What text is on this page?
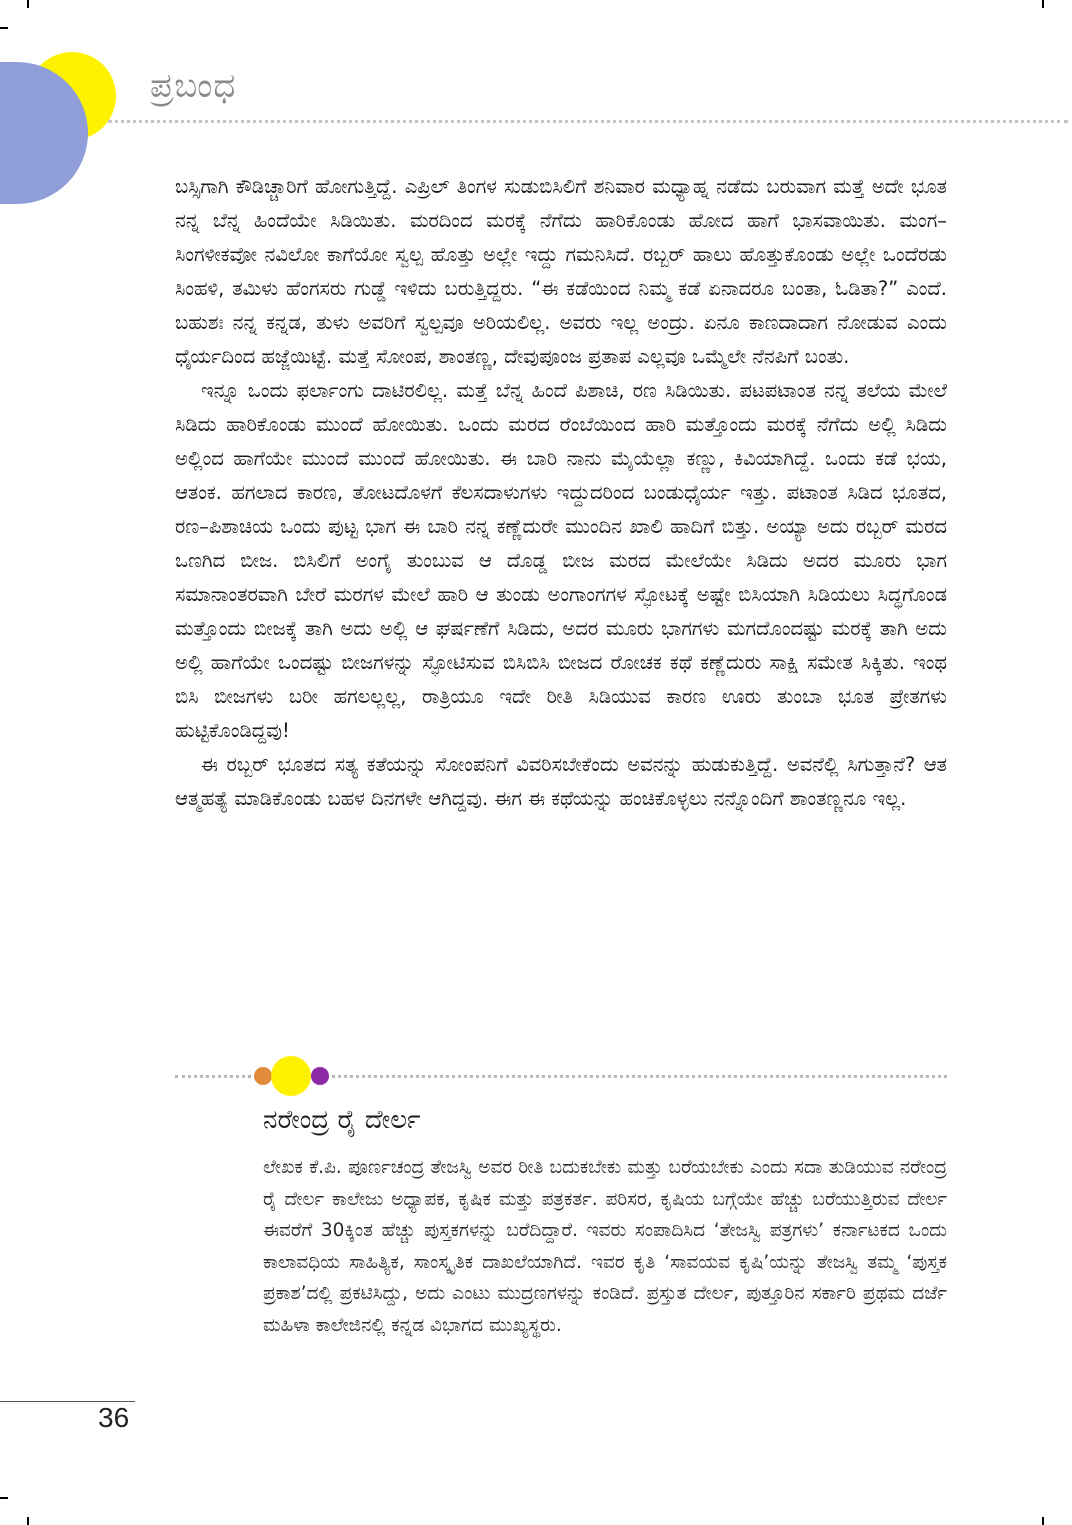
ಪ್ರಬಂಧ

ಬಸ್ಸಿಗಾಗಿ ಕೌಡಿಚ್ಚಾರಿಗೆ ಹೋಗುತ್ತಿದ್ದೆ. ಎಪ್ರಿಲ್ ತಿಂಗಳ ಸುಡುಬಿಸಿಲಿಗೆ ಶನಿವಾರ ಮಧ್ಯಾಹ್ನ ನಡೆದು ಬರುವಾಗ ಮತ್ತೆ ಅದೇ ಭೂತ ನನ್ನ ಬೆನ್ನ ಹಿಂದೆಯೇ ಸಿಡಿಯಿತು. ಮರದಿಂದ ಮರಕ್ಕೆ ನೆಗೆದು ಹಾರಿಕೊಂಡು ಹೋದ ಹಾಗೆ ಭಾಸವಾಯಿತು. ಮಂಗ–ಸಿಂಗಳೀಕವೋ ನವಿಲೋ ಕಾಗೆಯೋ ಸ್ವಲ್ಪ ಹೊತ್ತು ಅಲ್ಲೇ ಇದ್ದು ಗಮನಿಸಿದೆ. ರಬ್ಬರ್ ಹಾಲು ಹೊತ್ತುಕೊಂಡು ಅಲ್ಲೇ ಒಂದೆರಡು ಸಿಂಹಳಿ, ತಮಿಳು ಹೆಂಗಸರು ಗುಡ್ಡೆ ಇಳಿದು ಬರುತ್ತಿದ್ದರು. “ಈ ಕಡೆಯಿಂದ ನಿಮ್ಮ ಕಡೆ ಏನಾದರೂ ಬಂತಾ, ಓಡಿತಾ?” ಎಂದೆ. ಬಹುಶಃ ನನ್ನ ಕನ್ನಡ, ತುಳು ಅವರಿಗೆ ಸ್ವಲ್ಪವೂ ಅರಿಯಲಿಲ್ಲ. ಅವರು ಇಲ್ಲ ಅಂದ್ರು. ಏನೂ ಕಾಣದಾದಾಗ ನೋಡುವ ಎಂದು ಧೈರ್ಯದಿಂದ ಹಜ್ಜೆಯಿಟ್ಟೆ. ಮತ್ತೆ ಸೋಂಪ, ಶಾಂತಣ್ಣ, ದೇವುಪೂಂಜ ಪ್ರತಾಪ ಎಲ್ಲವೂ ಒಮ್ಮೆಲೇ ನೆನಪಿಗೆ ಬಂತು.

ಇನ್ನೂ ಒಂದು ಫರ್ಲಾಂಗು ದಾಟಿರಲಿಲ್ಲ. ಮತ್ತೆ ಬೆನ್ನ ಹಿಂದೆ ಪಿಶಾಚಿ, ರಣ ಸಿಡಿಯಿತು. ಪಟಪಟಾಂತ ನನ್ನ ತಲೆಯ ಮೇಲೆ ಸಿಡಿದು ಹಾರಿಕೊಂಡು ಮುಂದೆ ಹೋಯಿತು. ಒಂದು ಮರದ ರೆಂಬೆಯಿಂದ ಹಾರಿ ಮತ್ತೊಂದು ಮರಕ್ಕೆ ನೆಗೆದು ಅಲ್ಲಿ ಸಿಡಿದು ಅಲ್ಲಿಂದ ಹಾಗೆಯೇ ಮುಂದೆ ಮುಂದೆ ಹೋಯಿತು. ಈ ಬಾರಿ ನಾನು ಮೈಯೆಲ್ಲಾ ಕಣ್ಣು, ಕಿವಿಯಾಗಿದ್ದೆ. ಒಂದು ಕಡೆ ಭಯ, ಆತಂಕ. ಹಗಲಾದ ಕಾರಣ, ತೋಟದೊಳಗೆ ಕೆಲಸದಾಳುಗಳು ಇದ್ದುದರಿಂದ ಬಂಡುಧೈರ್ಯ ಇತ್ತು. ಪಟಾಂತ ಸಿಡಿದ ಭೂತದ, ರಣ–ಪಿಶಾಚಿಯ ಒಂದು ಪುಟ್ಟ ಭಾಗ ಈ ಬಾರಿ ನನ್ನ ಕಣ್ಣೆದುರೇ ಮುಂದಿನ ಖಾಲಿ ಹಾದಿಗೆ ಬಿತ್ತು. ಅಯ್ಯಾ ಅದು ರಬ್ಬರ್ ಮರದ ಒಣಗಿದ ಬೀಜ. ಬಿಸಿಲಿಗೆ ಅಂಗೈ ತುಂಬುವ ಆ ದೊಡ್ಡ ಬೀಜ ಮರದ ಮೇಲೆಯೇ ಸಿಡಿದು ಅದರ ಮೂರು ಭಾಗ ಸಮಾನಾಂತರವಾಗಿ ಬೇರೆ ಮರಗಳ ಮೇಲೆ ಹಾರಿ ಆ ತುಂಡು ಅಂಗಾಂಗಗಳ ಸ್ಫೋಟಕ್ಕೆ ಅಷ್ಟೇ ಬಿಸಿಯಾಗಿ ಸಿಡಿಯಲು ಸಿದ್ಧಗೊಂಡ ಮತ್ತೊಂದು ಬೀಜಕ್ಕೆ ತಾಗಿ ಅದು ಅಲ್ಲಿ ಆ ಘರ್ಷಣೆಗೆ ಸಿಡಿದು, ಅದರ ಮೂರು ಭಾಗಗಳು ಮಗದೊಂದಷ್ಟು ಮರಕ್ಕೆ ತಾಗಿ ಅದು ಅಲ್ಲಿ ಹಾಗೆಯೇ ಒಂದಷ್ಟು ಬೀಜಗಳನ್ನು ಸ್ಫೋಟಿಸುವ ಬಿಸಿಬಿಸಿ ಬೀಜದ ರೋಚಕ ಕಥೆ ಕಣ್ಣೆದುರು ಸಾಕ್ಷಿ ಸಮೇತ ಸಿಕ್ಕಿತು. ಇಂಥ ಬಿಸಿ ಬೀಜಗಳು ಬರೀ ಹಗಲಲ್ಲಲ್ಲ, ರಾತ್ರಿಯೂ ಇದೇ ರೀತಿ ಸಿಡಿಯುವ ಕಾರಣ ಊರು ತುಂಬಾ ಭೂತ ಪ್ರೇತಗಳು ಹುಟ್ಟಿಕೊಂಡಿದ್ದವು!

ಈ ರಬ್ಬರ್ ಭೂತದ ಸತ್ಯ ಕತೆಯನ್ನು ಸೋಂಪನಿಗೆ ವಿವರಿಸಬೇಕೆಂದು ಅವನನ್ನು ಹುಡುಕುತ್ತಿದ್ದೆ. ಅವನೆಲ್ಲಿ ಸಿಗುತ್ತಾನೆ? ಆತ ಆತ್ಮಹತ್ಯೆ ಮಾಡಿಕೊಂಡು ಬಹಳ ದಿನಗಳೇ ಆಗಿದ್ದವು. ಈಗ ಈ ಕಥೆಯನ್ನು ಹಂಚಿಕೊಳ್ಳಲು ನನ್ನೊಂದಿಗೆ ಶಾಂತಣ್ಣನೂ ಇಲ್ಲ.

ನರೇಂದ್ರ ರೈ ದೇರ್ಲ
ಲೇಖಕ ಕೆ.ಪಿ. ಪೂರ್ಣಚಂದ್ರ ತೇಜಸ್ವಿ ಅವರ ರೀತಿ ಬದುಕಬೇಕು ಮತ್ತು ಬರೆಯಬೇಕು ಎಂದು ಸದಾ ತುಡಿಯುವ ನರೇಂದ್ರ ರೈ ದೇರ್ಲ ಕಾಲೇಜು ಅಧ್ಯಾಪಕ, ಕೃಷಿಕ ಮತ್ತು ಪತ್ರಕರ್ತ. ಪರಿಸರ, ಕೃಷಿಯ ಬಗ್ಗೆಯೇ ಹೆಚ್ಚು ಬರೆಯುತ್ತಿರುವ ದೇರ್ಲ ಈವರೆಗೆ 30ಕ್ಕಿಂತ ಹೆಚ್ಚು ಪುಸ್ತಕಗಳನ್ನು ಬರೆದಿದ್ದಾರೆ. ಇವರು ಸಂಪಾದಿಸಿದ ‘ತೇಜಸ್ವಿ ಪತ್ರಗಳು’ ಕರ್ನಾಟಕದ ಒಂದು ಕಾಲಾವಧಿಯ ಸಾಹಿತ್ಯಿಕ, ಸಾಂಸ್ಕೃತಿಕ ದಾಖಲೆಯಾಗಿದೆ. ಇವರ ಕೃತಿ ‘ಸಾವಯವ ಕೃಷಿ’ಯನ್ನು ತೇಜಸ್ವಿ ತಮ್ಮ ‘ಪುಸ್ತಕ ಪ್ರಕಾಶ’ದಲ್ಲಿ ಪ್ರಕಟಿಸಿದ್ದು, ಅದು ಎಂಟು ಮುದ್ರಣಗಳನ್ನು ಕಂಡಿದೆ. ಪ್ರಸ್ತುತ ದೇರ್ಲ, ಪುತ್ತೂರಿನ ಸರ್ಕಾರಿ ಪ್ರಥಮ ದರ್ಜೆ ಮಹಿಳಾ ಕಾಲೇಜಿನಲ್ಲಿ ಕನ್ನಡ ವಿಭಾಗದ ಮುಖ್ಯಸ್ಥರು.
36
